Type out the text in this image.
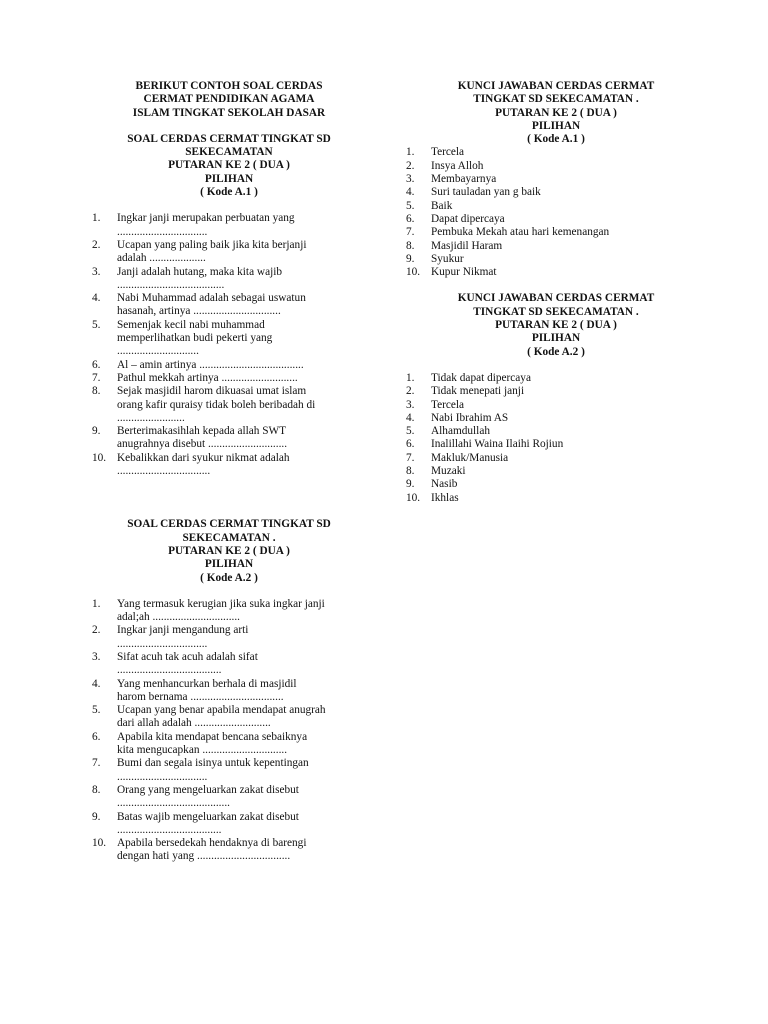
BERIKUT CONTOH SOAL CERDAS
CERMAT PENDIDIKAN AGAMA
ISLAM TINGKAT SEKOLAH DASAR
SOAL CERDAS CERMAT TINGKAT SD
SEKECAMATAN
PUTARAN KE 2 ( DUA )
PILIHAN
( Kode A.1 )
1.	Ingkar janji merupakan perbuatan yang
................................
2.	Ucapan yang paling baik jika kita berjanji
adalah ....................
3.	Janji adalah hutang, maka kita wajib
......................................
4.	Nabi Muhammad adalah sebagai uswatun
hasanah, artinya ...............................
5.	Semenjak kecil nabi muhammad
memperlihatkan budi pekerti yang
.............................
6.	Al – amin artinya .....................................
7.	Pathul mekkah artinya ...........................
8.	Sejak masjidil harom dikuasai umat islam
orang kafir quraisy tidak boleh beribadah di
........................
9.	Berterimakasihlah kepada allah SWT
anugrahnya disebut ............................
10. Kebalikkan dari syukur nikmat adalah
.................................
SOAL CERDAS CERMAT TINGKAT SD
SEKECAMATAN .
PUTARAN KE 2 ( DUA )
PILIHAN
( Kode A.2 )
1.	Yang termasuk kerugian jika suka ingkar janji
adal;ah ...............................
2.	Ingkar janji mengandung arti
................................
3.	Sifat acuh tak acuh adalah sifat
.....................................
4.	Yang menhancurkan berhala di masjidil
harom bernama .................................
5.	Ucapan yang benar apabila mendapat anugrah
dari allah adalah ...........................
6.	Apabila kita mendapat bencana sebaiknya
kita mengucapkan ..............................
7.	Bumi dan segala isinya untuk kepentingan
................................
8.	Orang yang mengeluarkan zakat disebut
........................................
9.	Batas wajib mengeluarkan zakat disebut
.....................................
10. Apabila bersedekah hendaknya di barengi
dengan hati yang .................................
KUNCI JAWABAN CERDAS CERMAT
TINGKAT SD SEKECAMATAN .
PUTARAN KE 2 ( DUA )
PILIHAN
( Kode A.1 )
1.	Tercela
2.	Insya Alloh
3.	Membayarnya
4.	Suri tauladan yan g baik
5.	Baik
6.	Dapat dipercaya
7.	Pembuka Mekah atau hari kemenangan
8.	Masjidil Haram
9.	Syukur
10. Kupur Nikmat
KUNCI JAWABAN CERDAS CERMAT
TINGKAT SD SEKECAMATAN .
PUTARAN KE 2 ( DUA )
PILIHAN
( Kode A.2 )
1.	Tidak dapat dipercaya
2.	Tidak menepati janji
3.	Tercela
4.	Nabi Ibrahim AS
5.	Alhamdullah
6.	Inalillahi Waina Ilaihi Rojiun
7.	Makluk/Manusia
8.	Muzaki
9.	Nasib
10. Ikhlas
